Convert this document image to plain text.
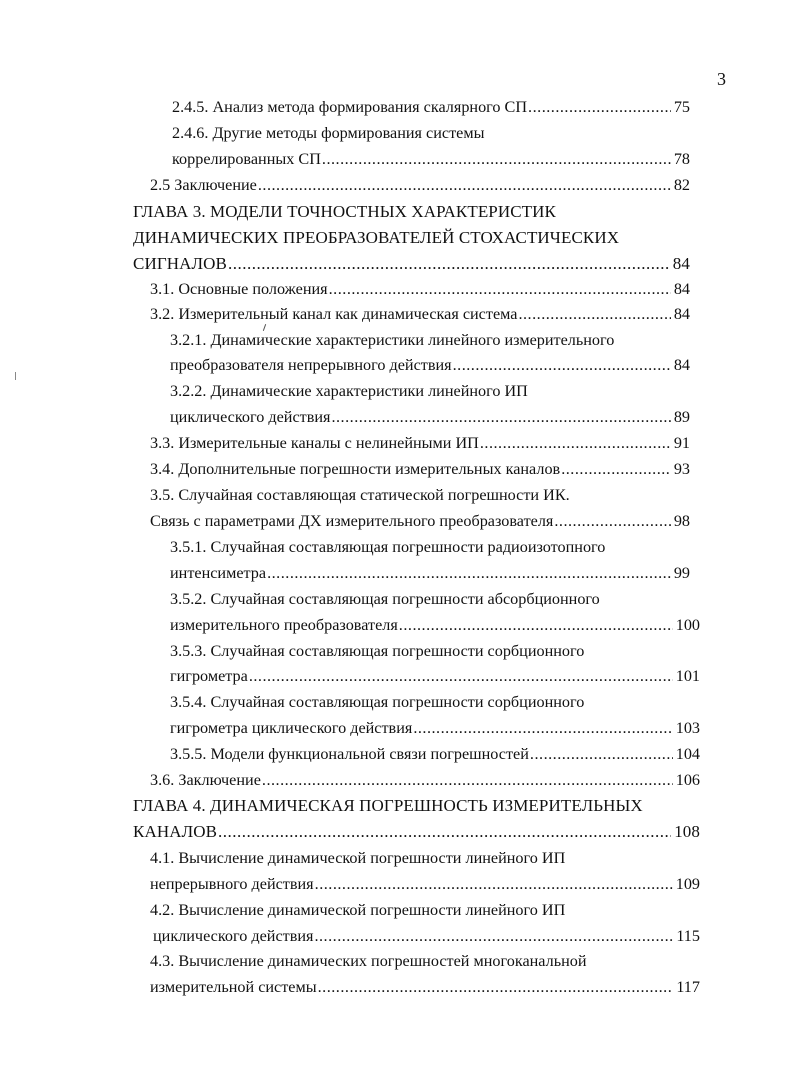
3
2.4.5. Анализ метода формирования скалярного СП .....	75
2.4.6. Другие методы формирования системы
коррелированных СП .....	78
2.5 Заключение .....	82
ГЛАВА 3. МОДЕЛИ ТОЧНОСТНЫХ ХАРАКТЕРИСТИК
ДИНАМИЧЕСКИХ ПРЕОБРАЗОВАТЕЛЕЙ СТОХАСТИЧЕСКИХ
СИГНАЛОВ .....	84
3.1. Основные положения .....	84
3.2. Измерительный канал как динамическая система .....	84
3.2.1. Динамические характеристики линейного измерительного
преобразователя непрерывного действия .....	84
3.2.2. Динамические характеристики линейного ИП
циклического действия .....	89
3.3. Измерительные каналы с нелинейными ИП .....	91
3.4. Дополнительные погрешности измерительных каналов .....	93
3.5. Случайная составляющая статической погрешности ИК.
Связь с параметрами ДХ измерительного преобразователя .....	98
3.5.1. Случайная составляющая погрешности радиоизотопного
интенсиметра .....	99
3.5.2. Случайная составляющая погрешности абсорбционного
измерительного преобразователя .....	100
3.5.3. Случайная составляющая погрешности сорбционного
гигрометра .....	101
3.5.4. Случайная составляющая погрешности сорбционного
гигрометра циклического действия .....	103
3.5.5. Модели функциональной связи погрешностей .....	104
3.6. Заключение .....	106
ГЛАВА 4. ДИНАМИЧЕСКАЯ ПОГРЕШНОСТЬ ИЗМЕРИТЕЛЬНЫХ
КАНАЛОВ .....	108
4.1. Вычисление динамической погрешности линейного ИП
непрерывного действия .....	109
4.2. Вычисление динамической погрешности линейного ИП
циклического действия .....	115
4.3. Вычисление динамических погрешностей многоканальной
измерительной системы .....	117
